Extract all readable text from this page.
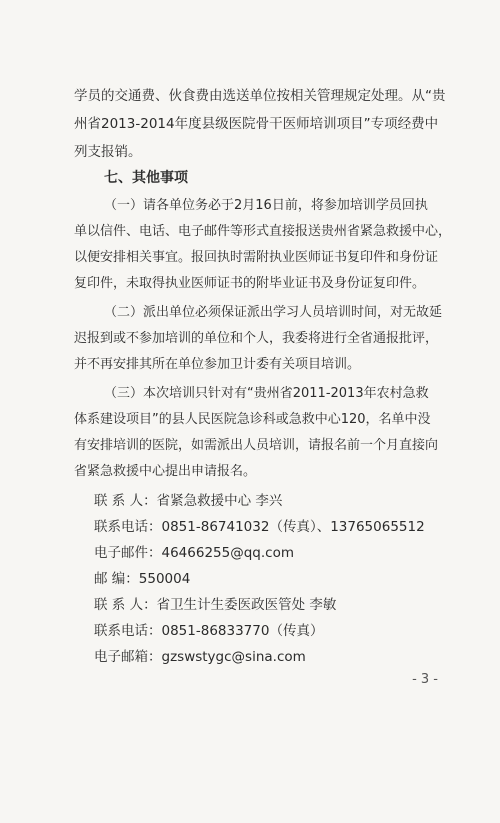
学员的交通费、伙食费由选送单位按相关管理规定处理。从“贵
州省2013-2014年度县级医院骨干医师培训项目”专项经费中
列支报销。
七、其他事项
（一）请各单位务必于2月16日前，将参加培训学员回执
单以信件、电话、电子邮件等形式直接报送贵州省紧急救援中心，
以便安排相关事宜。报回执时需附执业医师证书复印件和身份证
复印件，未取得执业医师证书的附毕业证书及身份证复印件。
（二）派出单位必须保证派出学习人员培训时间，对无故延
迟报到或不参加培训的单位和个人，我委将进行全省通报批评，
并不再安排其所在单位参加卫计委有关项目培训。
（三）本次培训只针对有“贵州省2011-2013年农村急救
体系建设项目”的县人民医院急诊科或急救中心120，名单中没
有安排培训的医院，如需派出人员培训，请报名前一个月直接向
省紧急救援中心提出申请报名。
联 系 人：省紧急救援中心 李兴
联系电话：0851-86741032（传真）、13765065512
电子邮件：46466255@qq.com
邮 编：550004
联 系 人：省卫生计生委医政医管处 李敏
联系电话：0851-86833770（传真）
电子邮箱：gzswstygc@sina.com
- 3 -
